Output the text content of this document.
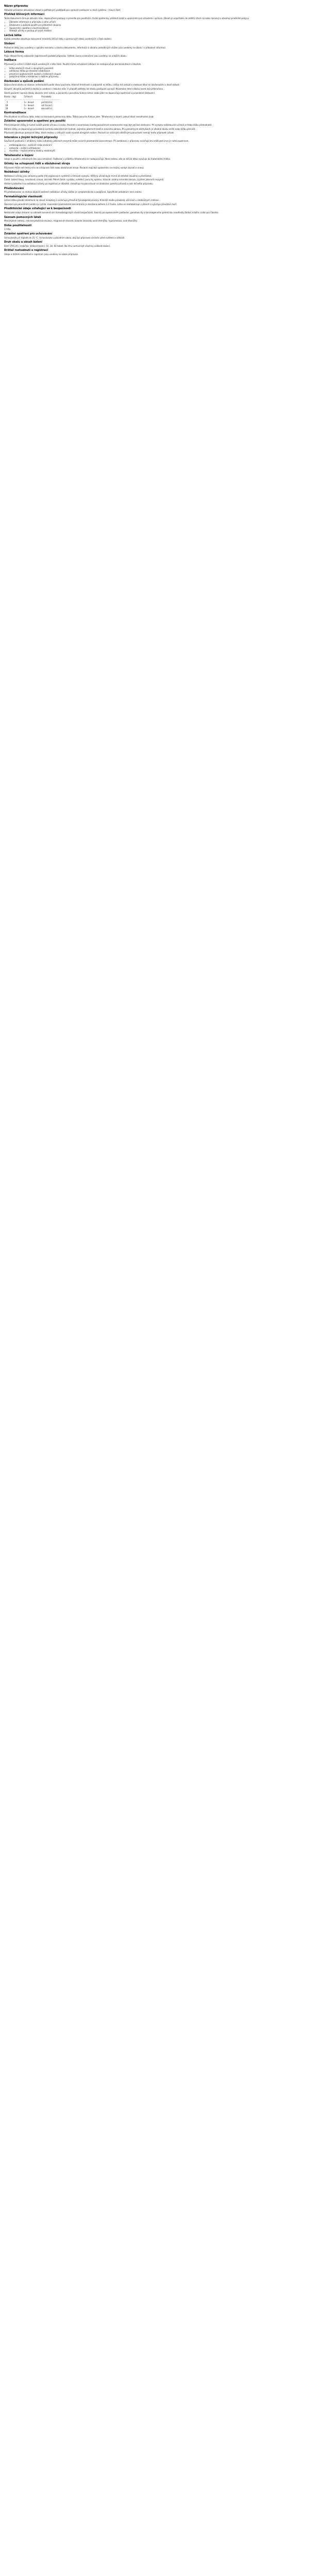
Název přípravku

Aktuální průvodce aktualizací zásad a potřebných podkladů pro správné nastavení a chod systému – hlavní části

Přehled klíčových informací

Tento dokument shrnuje aktuální stav, doporučené postupy a pravidla pro používání. Uvádí podmínky, přehled kroků a upozornění pro uživatele i správce. Obsah je uspořádán do oddílů, které na sebe navazují a obsahují praktické pokyny.

• Základní informace o přípravku a jeho určení
• Dávkování a způsob použití pro jednotlivé skupiny
• Upozornění, opatření a kontraindikace
• Vedlejší účinky a postup při jejich hlášení
Léčivá látka

Každá jednotka obsahuje stanovené množství léčivé látky a pomocných látek uvedených v části složení.

Složení

Pomocné látky jsou uvedeny v úplném seznamu v závěru dokumentu. Informace o obsahu jednotlivých složek jsou uvedeny na obalu i v příbalové informaci.

Léková forma

Popis lékové formy odpovídá registrované podobě přípravku. Vzhled, barva a označení jsou uvedeny na vnějším obalu.

Indikace

Přípravek je určen k léčbě stavů uvedených v této části. Použití mimo schválené indikace se nedoporučuje bez konzultace s lékařem.

• léčba akutních stavů u dospělých pacientů
• udržovací léčba po dosažení stabilizace
• prevence opakovaných epizod u rizikových skupin
• podpůrná léčba v kombinaci s dalšími přípravky
Dávkování a způsob podání

Doporučená dávka se stanoví individuálně podle stavu pacienta, tělesné hmotnosti a odpovědi na léčbu. Léčbu má zahájit a sledovat lékař se zkušenostmi v dané oblasti.

Dospělí: obvyklá počáteční dávka je uvedena v tabulce níže. V případě potřeby lze dávku postupně upravit. Maximální denní dávka nesmí být překročena.

Starší pacienti: úprava dávky obvykle není nutná, u pacientů s poruchou funkce ledvin nebo jater se doporučuje opatrnost a pravidelné sledování.

Dávka (mg)      Četnost       Poznámka
---------------------------------------------
5             1× denně      počáteční
10             1× denně      udržovací
20             1× denně      maximální
Kontraindikace

Přecitlivělost na léčivou látku nebo na kteroukoli pomocnou látku. Těžká porucha funkce jater. Těhotenství a kojení, pokud lékař nerozhodne jinak.

Zvláštní upozornění a opatření pro použití

Před zahájením léčby je nutné zvážit poměr přínosu a rizika. Pacienti s anamnézou kardiovaskulárních onemocnění mají být pečlivě sledováni. Při výskytu nežádoucích účinků je třeba léčbu přehodnotit.

Během léčby se doporučuje pravidelná kontrola laboratorních hodnot, zejména jaterních testů a krevního obrazu. Při významných odchylkách je vhodné dávku snížit nebo léčbu přerušit.

Přípravek obsahuje pomocné látky, které mohou u citlivých osob vyvolat alergické reakce. Pacienti se vzácnými dědičnými poruchami nemají tento přípravek užívat.

Interakce s jinými léčivými přípravky

Současné podávání s inhibitory nebo induktory jaterních enzymů může ovlivnit plazmatické koncentrace. Při kombinaci s přípravky ovlivňujícími srážlivost krve je nutná opatrnost.

• antikoagulancia – zvýšené riziko krvácení
• antacida – snížení vstřebávání
• diuretika – možná změna hladiny elektrolytů
Těhotenství a kojení

Údaje o použití u těhotných žen jsou omezené. Podávání v průběhu těhotenství se nedoporučuje. Není známo, zda se léčivá látka vylučuje do mateřského mléka.

Účinky na schopnost řídit a obsluhovat stroje

Přípravek může mít mírný vliv na schopnost řídit nebo obsluhovat stroje. Pacienti mají být upozorněni na možný výskyt závratí a únavy.

Nežádoucí účinky

Nežádoucí účinky jsou seřazeny podle tříd orgánových systémů a četnosti výskytu. Většina účinků byla mírná až středně závažná a přechodná.

Časté: bolest hlavy, nevolnost, únava, závratě. Méně časté: vyrážka, svědění, poruchy spánku. Vzácné: změny krevního obrazu, zvýšení jaterních enzymů.

Hlášení podezření na nežádoucí účinky po registraci je důležité. Umožňuje to pokračovat ve sledování poměru přínosů a rizik léčivého přípravku.

Předávkování

Při předávkování se mohou objevit zesílené nežádoucí účinky. Léčba je symptomatická a podpůrná. Specifické antidotum není známo.

Farmakologické vlastnosti

Léčivá látka působí selektivně na cílové receptory a ovlivňuje příslušné fyziologické procesy. Klinické studie prokázaly účinnost u sledovaných indikací.

Absorpce po perorálním podání je rychlá, maximální plazmatické koncentrace je dosaženo během 1–2 hodin. Látka se metabolizuje v játrech a vylučuje převážně močí.

Předklinické údaje vztahující se k bezpečnosti

Neklinické údaje získané na základě konvenčních farmakologických studií bezpečnosti, toxicity po opakovaném podávání, genotoxicity a karcinogenního potenciálu neodhalily žádné zvláštní riziko pro člověka.

Seznam pomocných látek

Monohydrát laktosy, mikrokrystalická celulosa, magnesium-stearát, koloidní bezvodý oxid křemičitý, hypromelosa, oxid titaničitý.

Doba použitelnosti

3 roky.

Zvláštní opatření pro uchovávání

Uchovávejte při teplotě do 25 °C. Uchovávejte v původním obalu, aby byl přípravek chráněn před světlem a vlhkostí.

Druh obalu a obsah balení

Blistr (PVC/Al), krabička. Velikost balení: 10, 30, 60 tablet. Na trhu nemusí být všechny velikosti balení.

Držitel rozhodnutí o registraci

Údaje o držiteli rozhodnutí o registraci jsou uvedeny na obalu přípravku.
